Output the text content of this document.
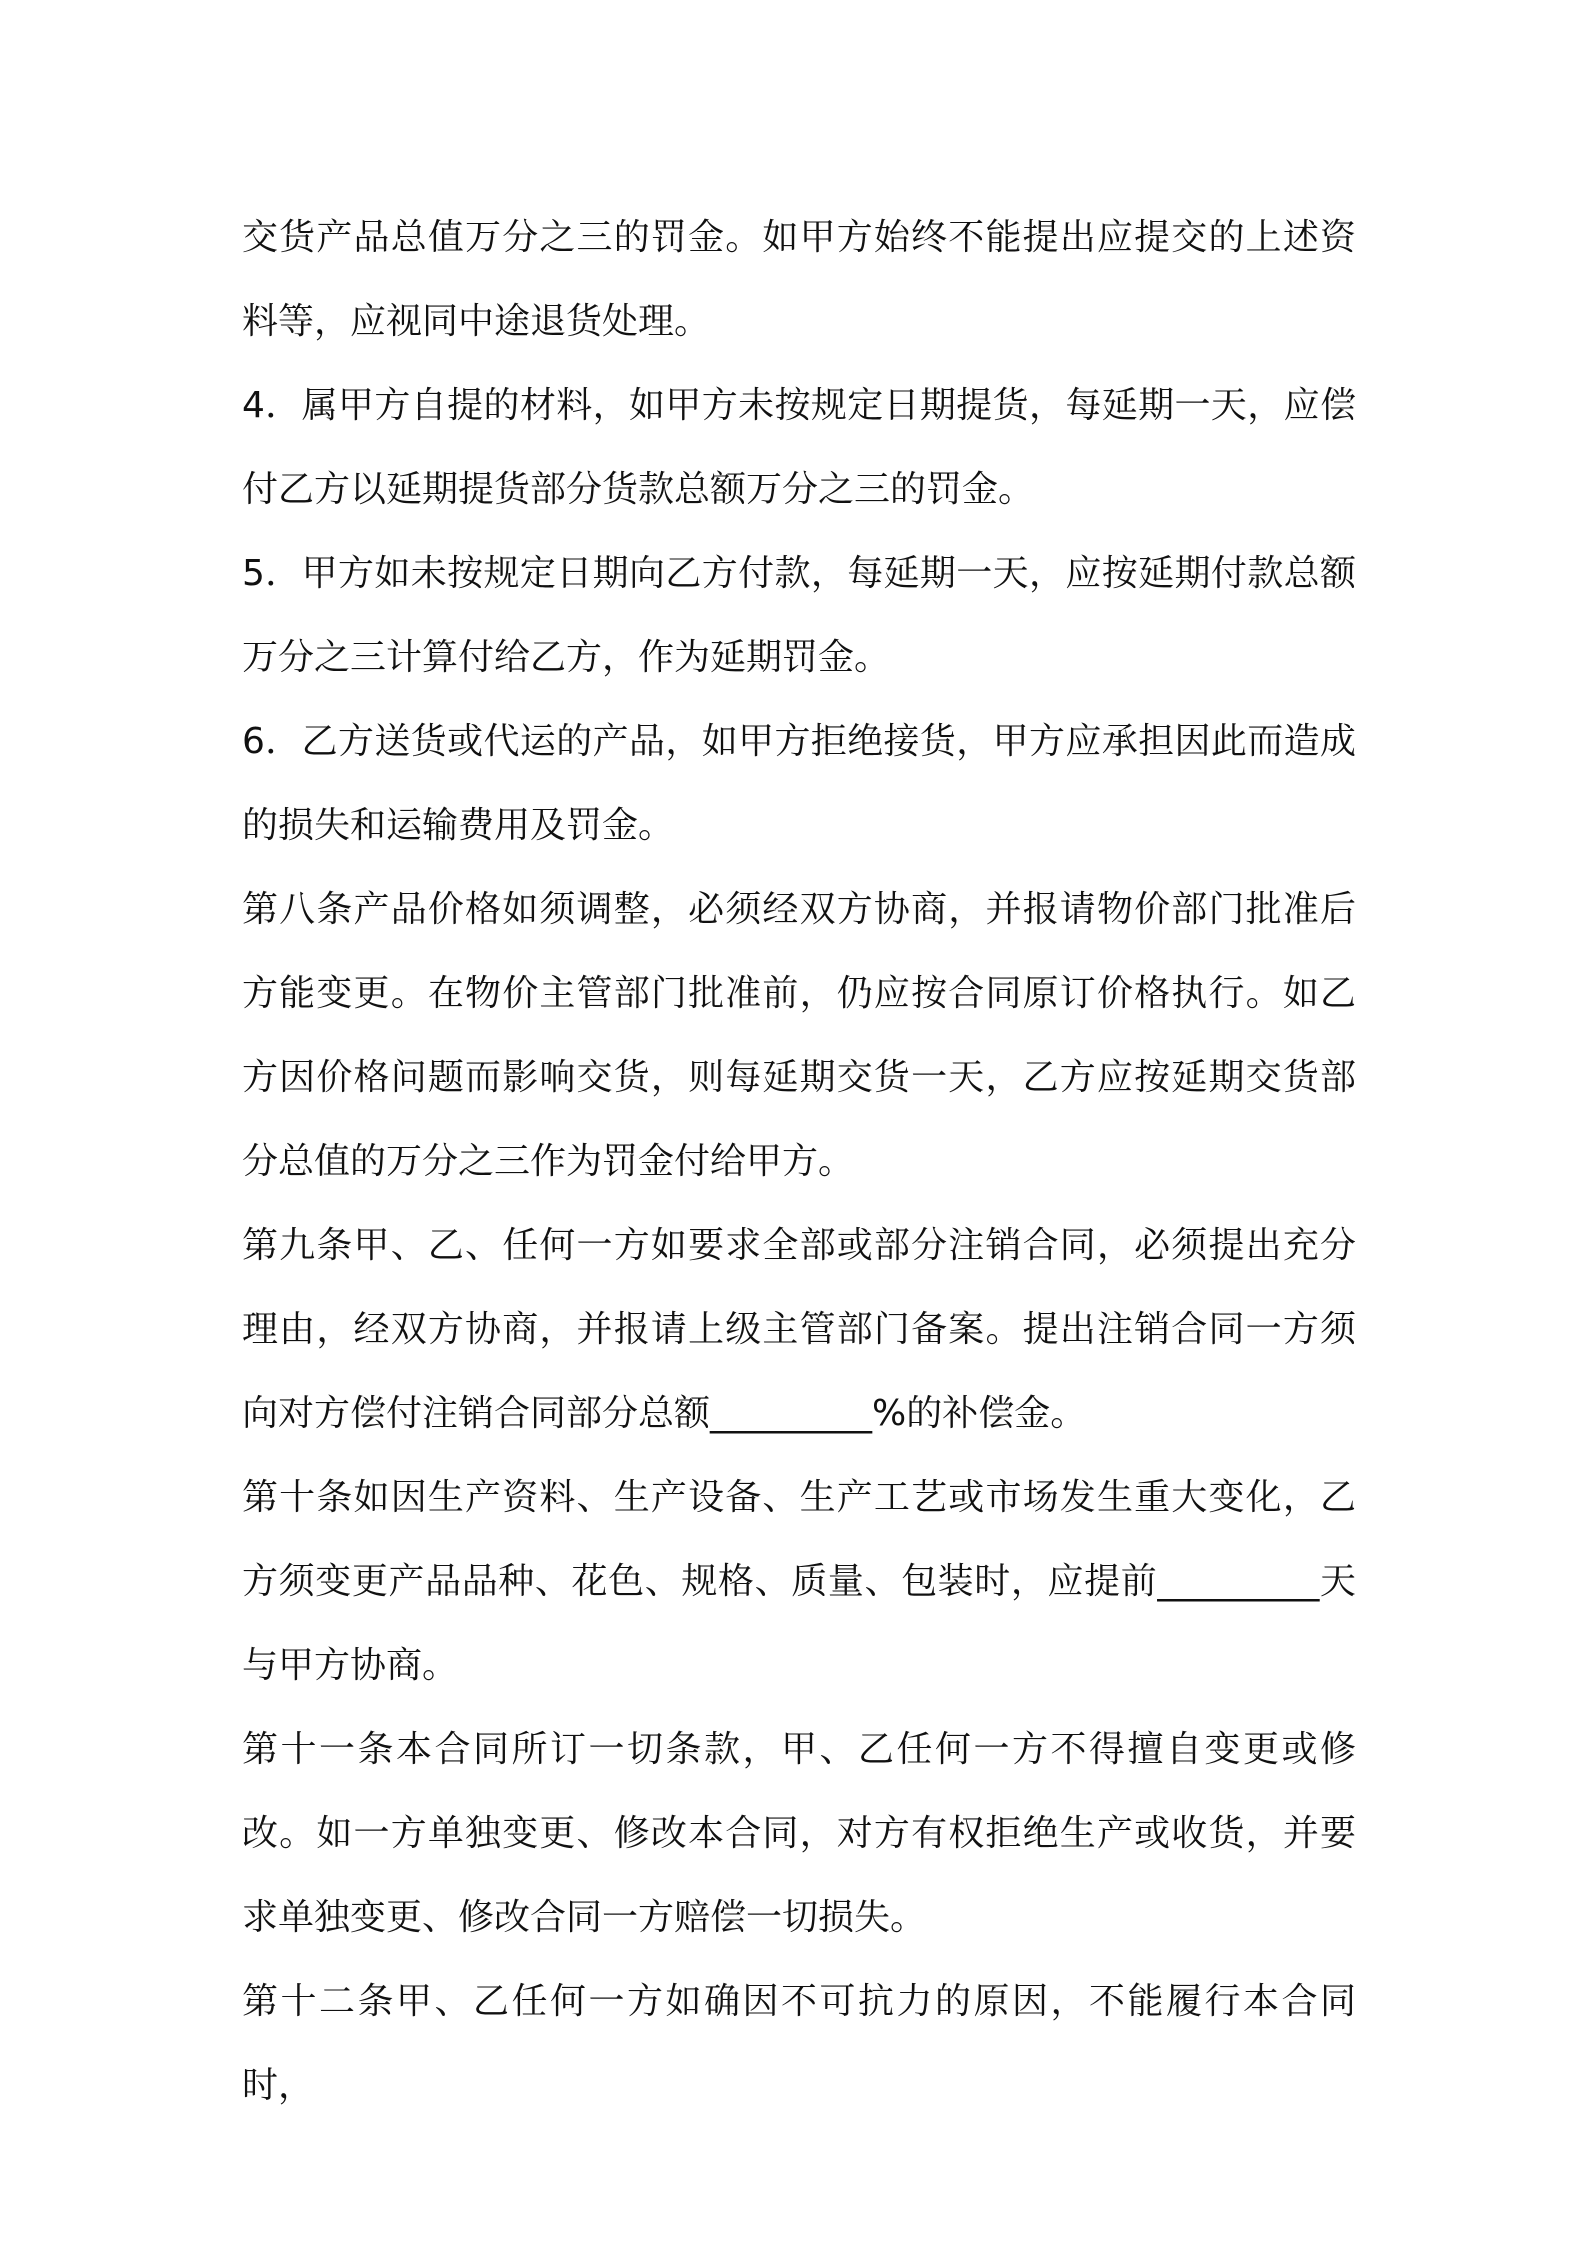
交货产品总值万分之三的罚金。如甲方始终不能提出应提交的上述资料等，应视同中途退货处理。

4．属甲方自提的材料，如甲方未按规定日期提货，每延期一天，应偿付乙方以延期提货部分货款总额万分之三的罚金。

5．甲方如未按规定日期向乙方付款，每延期一天，应按延期付款总额万分之三计算付给乙方，作为延期罚金。

6．乙方送货或代运的产品，如甲方拒绝接货，甲方应承担因此而造成的损失和运输费用及罚金。

第八条产品价格如须调整，必须经双方协商，并报请物价部门批准后方能变更。在物价主管部门批准前，仍应按合同原订价格执行。如乙方因价格问题而影响交货，则每延期交货一天，乙方应按延期交货部分总值的万分之三作为罚金付给甲方。

第九条甲、乙、任何一方如要求全部或部分注销合同，必须提出充分理由，经双方协商，并报请上级主管部门备案。提出注销合同一方须向对方偿付注销合同部分总额_________%的补偿金。

第十条如因生产资料、生产设备、生产工艺或市场发生重大变化，乙方须变更产品品种、花色、规格、质量、包装时，应提前_________天与甲方协商。

第十一条本合同所订一切条款，甲、乙任何一方不得擅自变更或修改。如一方单独变更、修改本合同，对方有权拒绝生产或收货，并要求单独变更、修改合同一方赔偿一切损失。

第十二条甲、乙任何一方如确因不可抗力的原因，不能履行本合同时，
